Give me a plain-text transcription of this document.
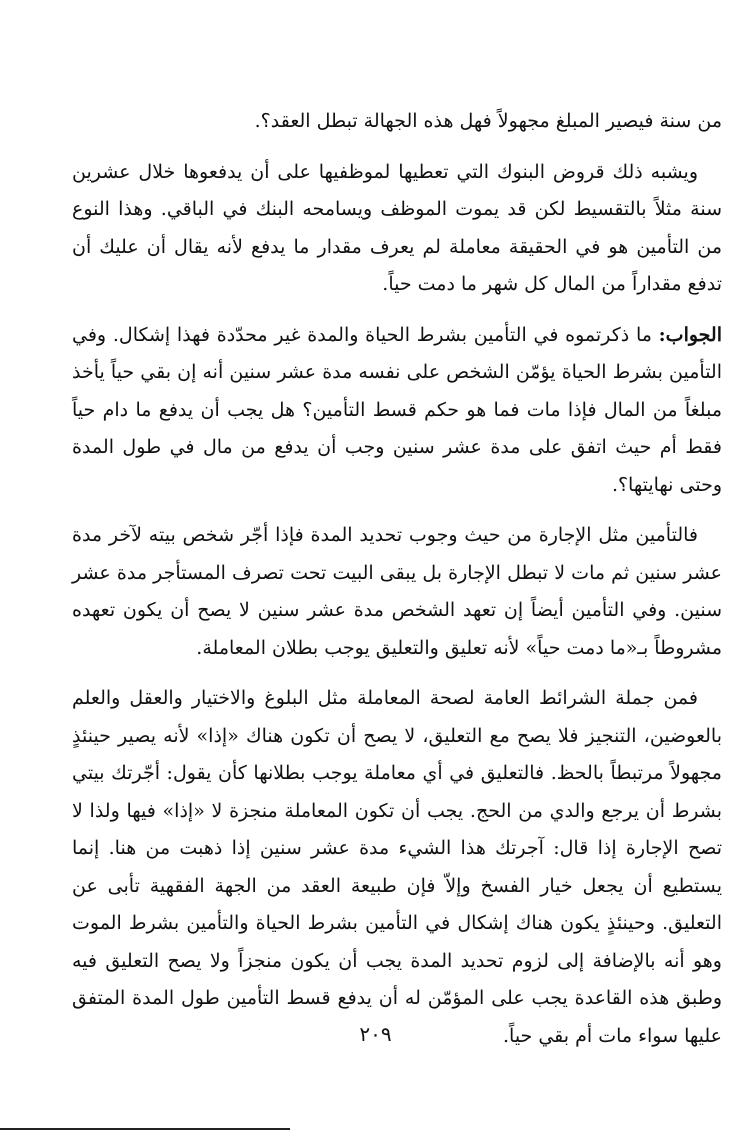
من سنة فيصير المبلغ مجهولاً فهل هذه الجهالة تبطل العقد؟.

ويشبه ذلك قروض البنوك التي تعطيها لموظفيها على أن يدفعوها خلال عشرين سنة مثلاً بالتقسيط لكن قد يموت الموظف ويسامحه البنك في الباقي. وهذا النوع من التأمين هو في الحقيقة معاملة لم يعرف مقدار ما يدفع لأنه يقال أن عليك أن تدفع مقداراً من المال كل شهر ما دمت حياً.

الجواب: ما ذكرتموه في التأمين بشرط الحياة والمدة غير محدّدة فهذا إشكال. وفي التأمين بشرط الحياة يؤمّن الشخص على نفسه مدة عشر سنين أنه إن بقي حياً يأخذ مبلغاً من المال فإذا مات فما هو حكم قسط التأمين؟ هل يجب أن يدفع ما دام حياً فقط أم حيث اتفق على مدة عشر سنين وجب أن يدفع من مال في طول المدة وحتى نهايتها؟.

فالتأمين مثل الإجارة من حيث وجوب تحديد المدة فإذا أجّر شخص بيته لآخر مدة عشر سنين ثم مات لا تبطل الإجارة بل يبقى البيت تحت تصرف المستأجر مدة عشر سنين. وفي التأمين أيضاً إن تعهد الشخص مدة عشر سنين لا يصح أن يكون تعهده مشروطاً بـ«ما دمت حياً» لأنه تعليق والتعليق يوجب بطلان المعاملة.

فمن جملة الشرائط العامة لصحة المعاملة مثل البلوغ والاختيار والعقل والعلم بالعوضين، التنجيز فلا يصح مع التعليق، لا يصح أن تكون هناك «إذا» لأنه يصير حينئذٍ مجهولاً مرتبطاً بالحظ. فالتعليق في أي معاملة يوجب بطلانها كأن يقول: أجّرتك بيتي بشرط أن يرجع والدي من الحج. يجب أن تكون المعاملة منجزة لا «إذا» فيها ولذا لا تصح الإجارة إذا قال: آجرتك هذا الشيء مدة عشر سنين إذا ذهبت من هنا. إنما يستطيع أن يجعل خيار الفسخ وإلاّ فإن طبيعة العقد من الجهة الفقهية تأبى عن التعليق. وحينئذٍ يكون هناك إشكال في التأمين بشرط الحياة والتأمين بشرط الموت وهو أنه بالإضافة إلى لزوم تحديد المدة يجب أن يكون منجزاً ولا يصح التعليق فيه وطبق هذه القاعدة يجب على المؤمّن له أن يدفع قسط التأمين طول المدة المتفق عليها سواء مات أم بقي حياً.

٢٠٩
